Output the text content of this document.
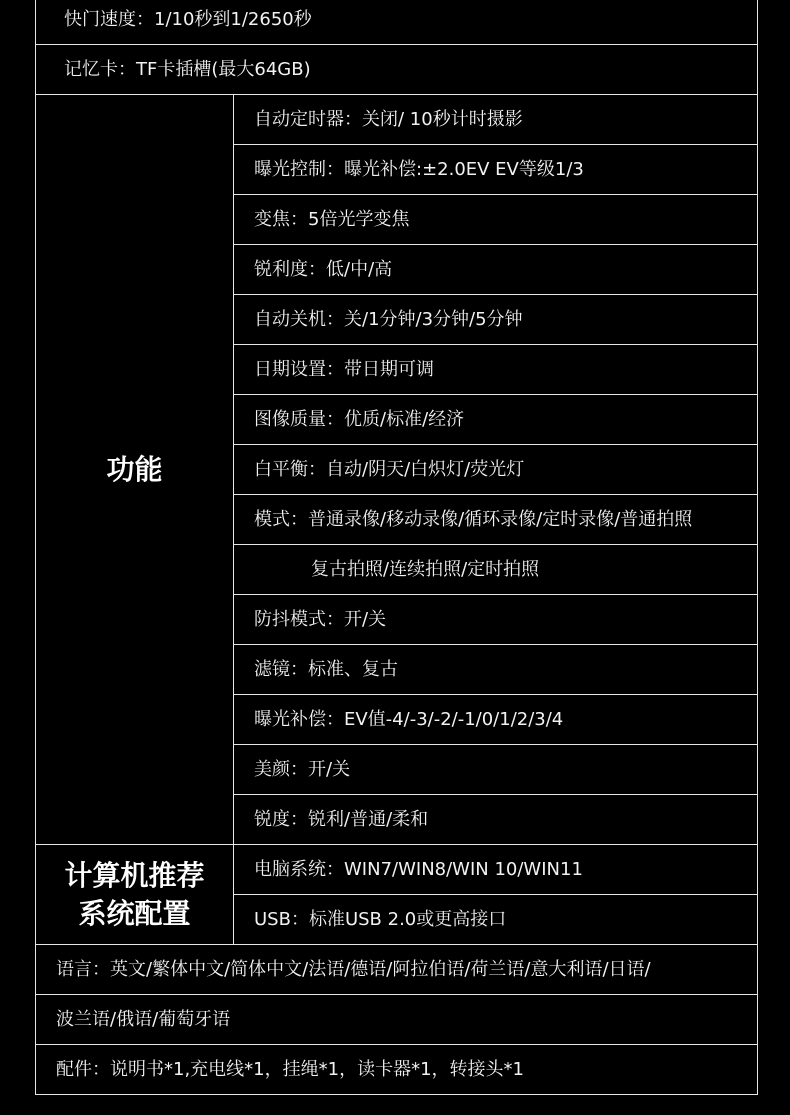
快门速度：1/10秒到1/2650秒	
记忆卡：TF卡插槽(最大64GB)	
功能	自动定时器：关闭/ 10秒计时摄影
	曝光控制：曝光补偿:±2.0EV EV等级1/3
	变焦：5倍光学变焦
	锐利度：低/中/高
	自动关机：关/1分钟/3分钟/5分钟
	日期设置：带日期可调
	图像质量：优质/标准/经济
	白平衡：自动/阴天/白炽灯/荧光灯
	模式：普通录像/移动录像/循环录像/定时录像/普通拍照
	复古拍照/连续拍照/定时拍照
	防抖模式：开/关
	滤镜：标准、复古
	曝光补偿：EV值-4/-3/-2/-1/0/1/2/3/4
	美颜：开/关
	锐度：锐利/普通/柔和

计算机推荐
系统配置	电脑系统：WIN7/WIN8/WIN 10/WIN11
	USB：标准USB 2.0或更高接口
语言：英文/繁体中文/简体中文/法语/德语/阿拉伯语/荷兰语/意大利语/日语/	
波兰语/俄语/葡萄牙语	
配件：说明书*1,充电线*1，挂绳*1，读卡器*1，转接头*1	
